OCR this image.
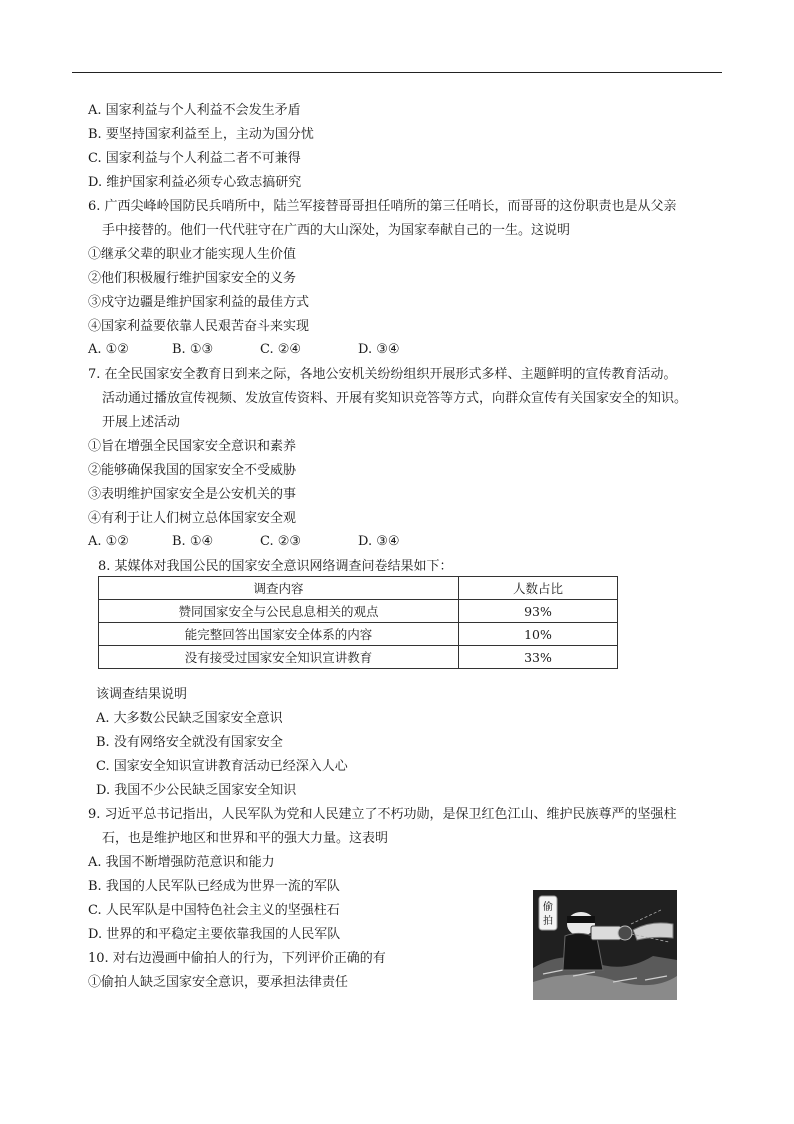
A. 国家利益与个人利益不会发生矛盾
B. 要坚持国家利益至上，主动为国分忧
C. 国家利益与个人利益二者不可兼得
D. 维护国家利益必须专心致志搞研究
6. 广西尖峰岭国防民兵哨所中，陆兰军接替哥哥担任哨所的第三任哨长，而哥哥的这份职责也是从父亲
手中接替的。他们一代代驻守在广西的大山深处，为国家奉献自己的一生。这说明
①继承父辈的职业才能实现人生价值
②他们积极履行维护国家安全的义务
③戍守边疆是维护国家利益的最佳方式
④国家利益要依靠人民艰苦奋斗来实现
A. ①②	B. ①③	C. ②④	D. ③④
7. 在全民国家安全教育日到来之际，各地公安机关纷纷组织开展形式多样、主题鲜明的宣传教育活动。
活动通过播放宣传视频、发放宣传资料、开展有奖知识竞答等方式，向群众宣传有关国家安全的知识。
开展上述活动
①旨在增强全民国家安全意识和素养
②能够确保我国的国家安全不受威胁
③表明维护国家安全是公安机关的事
④有利于让人们树立总体国家安全观
A. ①②	B. ①④	C. ②③	D. ③④
8. 某媒体对我国公民的国家安全意识网络调查问卷结果如下：
调查内容	人数占比
赞同国家安全与公民息息相关的观点	93%
能完整回答出国家安全体系的内容	10%
没有接受过国家安全知识宣讲教育	33%
该调查结果说明
A. 大多数公民缺乏国家安全意识
B. 没有网络安全就没有国家安全
C. 国家安全知识宣讲教育活动已经深入人心
D. 我国不少公民缺乏国家安全知识
9. 习近平总书记指出，人民军队为党和人民建立了不朽功勋，是保卫红色江山、维护民族尊严的坚强柱
石，也是维护地区和世界和平的强大力量。这表明
A. 我国不断增强防范意识和能力
B. 我国的人民军队已经成为世界一流的军队
C. 人民军队是中国特色社会主义的坚强柱石
D. 世界的和平稳定主要依靠我国的人民军队
10. 对右边漫画中偷拍人的行为，下列评价正确的有
①偷拍人缺乏国家安全意识，要承担法律责任
偷
拍
